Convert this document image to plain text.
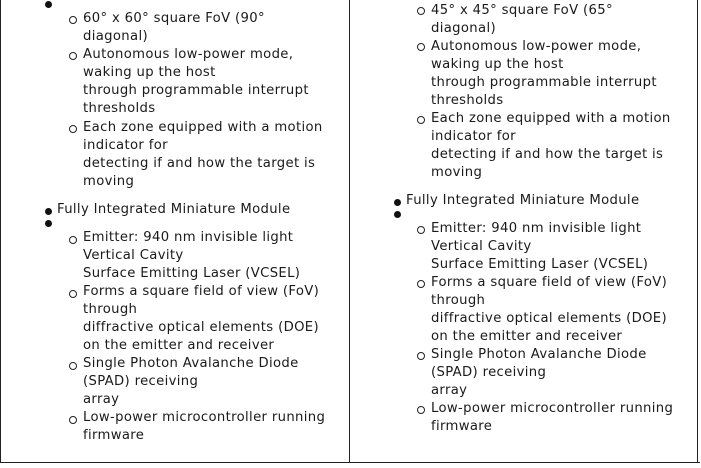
60° x 60° square FoV (90°
diagonal)
Autonomous low-power mode,
waking up the host
through programmable interrupt
thresholds
Each zone equipped with a motion
indicator for
detecting if and how the target is
moving
Fully Integrated Miniature Module
Emitter: 940 nm invisible light
Vertical Cavity
Surface Emitting Laser (VCSEL)
Forms a square field of view (FoV)
through
diffractive optical elements (DOE)
on the emitter and receiver
Single Photon Avalanche Diode
(SPAD) receiving
array
Low-power microcontroller running
firmware
45° x 45° square FoV (65°
diagonal)
Autonomous low-power mode,
waking up the host
through programmable interrupt
thresholds
Each zone equipped with a motion
indicator for
detecting if and how the target is
moving
Fully Integrated Miniature Module
Emitter: 940 nm invisible light
Vertical Cavity
Surface Emitting Laser (VCSEL)
Forms a square field of view (FoV)
through
diffractive optical elements (DOE)
on the emitter and receiver
Single Photon Avalanche Diode
(SPAD) receiving
array
Low-power microcontroller running
firmware
